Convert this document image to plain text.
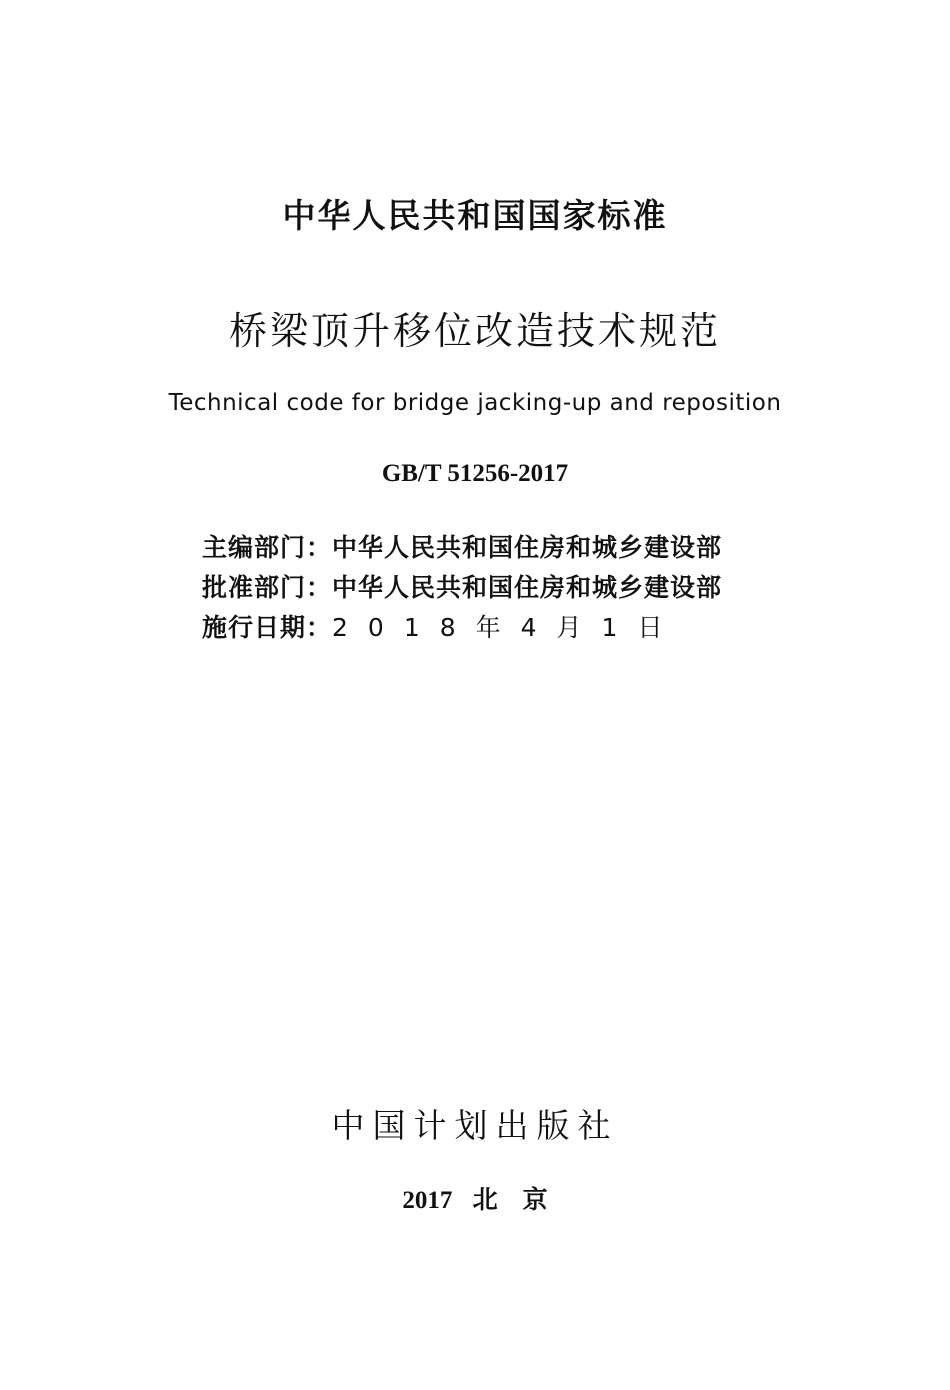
中华人民共和国国家标准
桥梁顶升移位改造技术规范
Technical code for bridge jacking-up and reposition
GB/T 51256-2017
主编部门：中华人民共和国住房和城乡建设部
批准部门：中华人民共和国住房和城乡建设部
施行日期：2018年4月1日
中国计划出版社
2017 北　京
